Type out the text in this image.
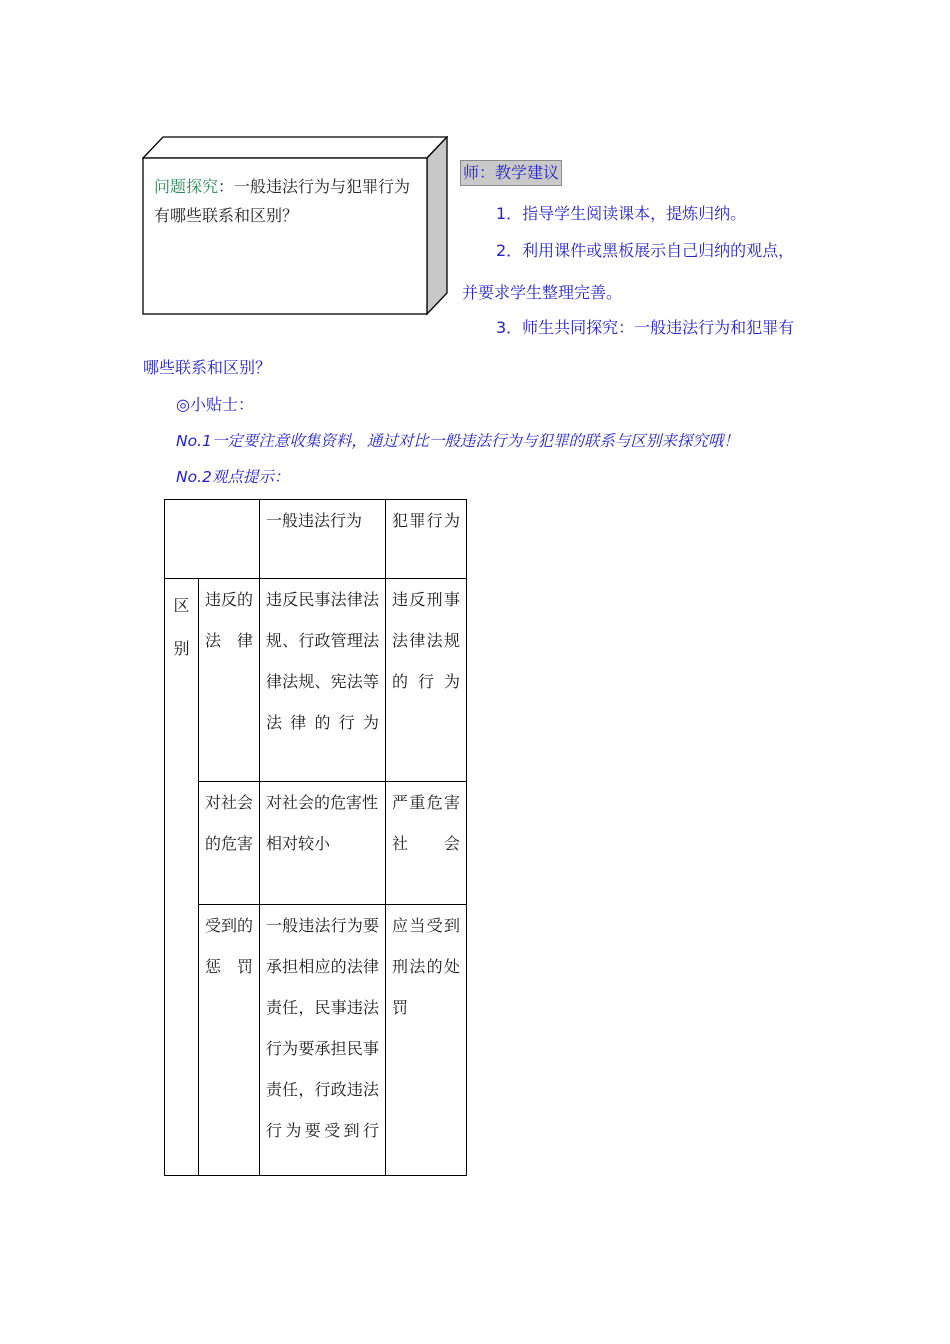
问题探究：一般违法行为与犯罪行为有哪些联系和区别？
师：教学建议
1．指导学生阅读课本，提炼归纳。
2．利用课件或黑板展示自己归纳的观点，
并要求学生整理完善。
3．师生共同探究：一般违法行为和犯罪有
哪些联系和区别？
◎小贴士：
No.1一定要注意收集资料，通过对比一般违法行为与犯罪的联系与区别来探究哦！
No.2观点提示：
		一般违法行为	犯罪行为

区别	违反的法律	违反民事法律法规、行政管理法律法规、宪法等法律的行为	违反刑事法律法规的行为
	对社会的危害	对社会的危害性相对较小	严重危害社会
	受到的惩罚	一般违法行为要承担相应的法律责任，民事违法行为要承担民事责任，行政违法行为要受到行	应当受到刑法的处罚
